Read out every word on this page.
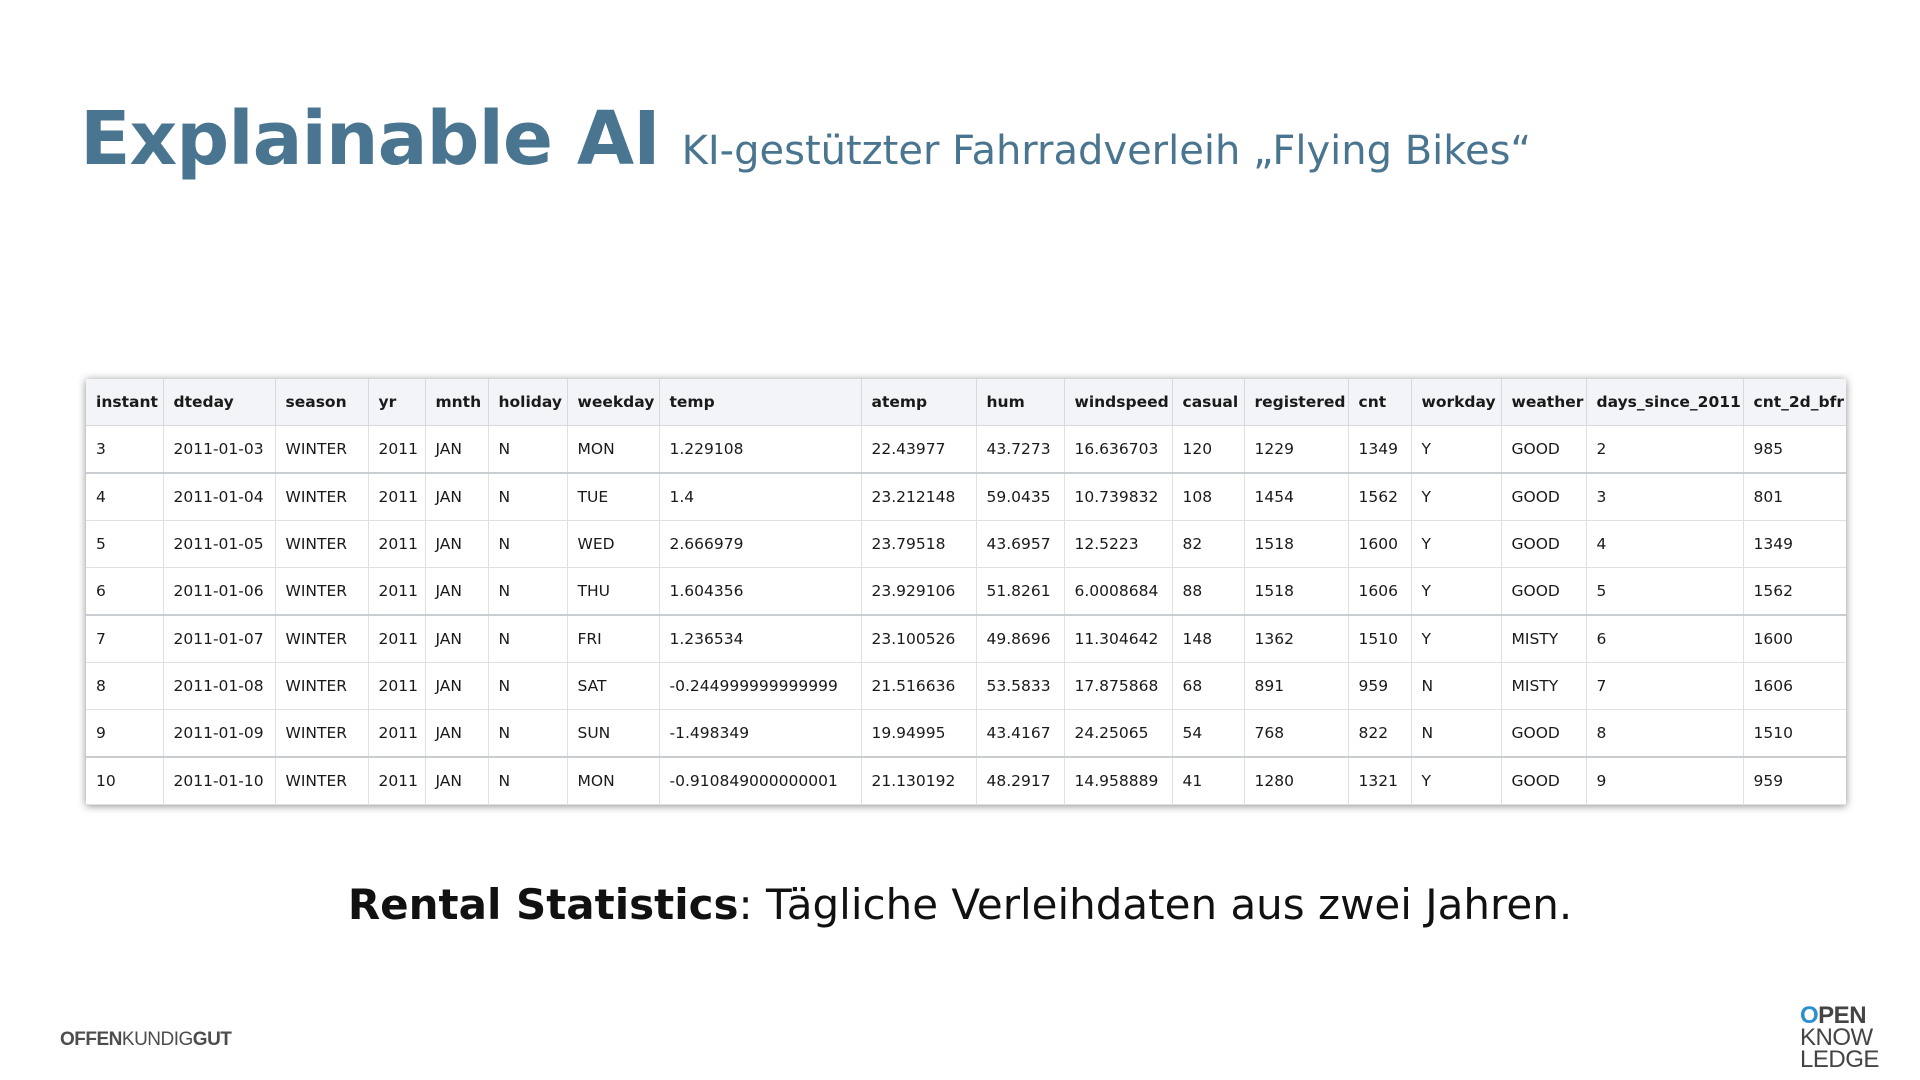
Explainable AI KI-gestützter Fahrradverleih „Flying Bikes“
instant	dteday	season	yr	mnth	holiday	weekday	temp	atemp	hum	windspeed	casual	registered	cnt	workday	weather	days_since_2011	cnt_2d_bfr
3	2011-01-03	WINTER	2011	JAN	N	MON	1.229108	22.43977	43.7273	16.636703	120	1229	1349	Y	GOOD	2	985
4	2011-01-04	WINTER	2011	JAN	N	TUE	1.4	23.212148	59.0435	10.739832	108	1454	1562	Y	GOOD	3	801
5	2011-01-05	WINTER	2011	JAN	N	WED	2.666979	23.79518	43.6957	12.5223	82	1518	1600	Y	GOOD	4	1349
6	2011-01-06	WINTER	2011	JAN	N	THU	1.604356	23.929106	51.8261	6.0008684	88	1518	1606	Y	GOOD	5	1562
7	2011-01-07	WINTER	2011	JAN	N	FRI	1.236534	23.100526	49.8696	11.304642	148	1362	1510	Y	MISTY	6	1600
8	2011-01-08	WINTER	2011	JAN	N	SAT	-0.244999999999999	21.516636	53.5833	17.875868	68	891	959	N	MISTY	7	1606
9	2011-01-09	WINTER	2011	JAN	N	SUN	-1.498349	19.94995	43.4167	24.25065	54	768	822	N	GOOD	8	1510
10	2011-01-10	WINTER	2011	JAN	N	MON	-0.910849000000001	21.130192	48.2917	14.958889	41	1280	1321	Y	GOOD	9	959
Rental Statistics: Tägliche Verleihdaten aus zwei Jahren.
OFFENKUNDIGGUT
OPEN
KNOW
LEDGE
